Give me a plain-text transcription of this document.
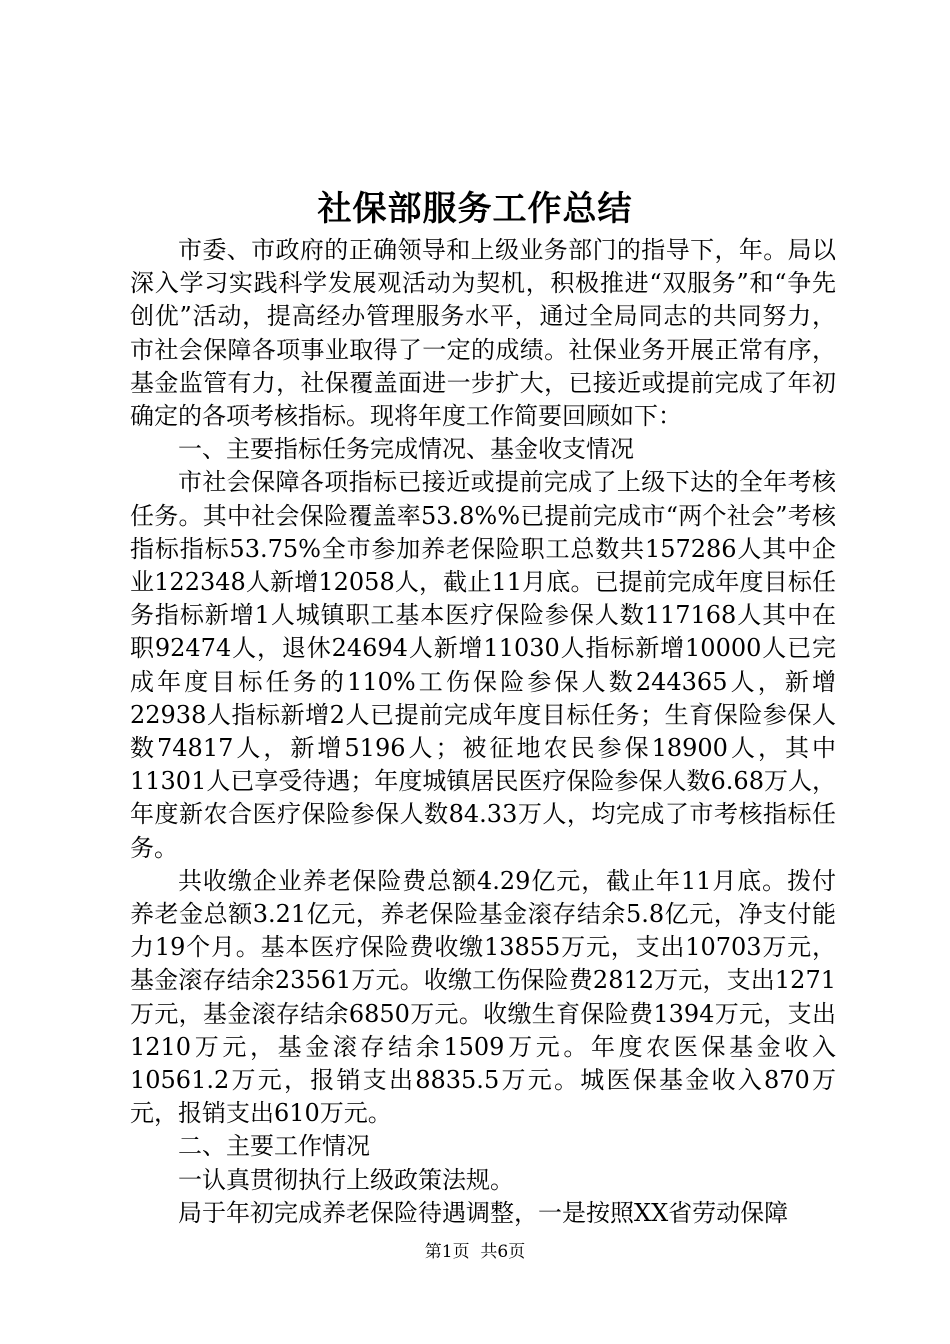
社保部服务工作总结

市委、市政府的正确领导和上级业务部门的指导下，年。局以深入学习实践科学发展观活动为契机，积极推进“双服务”和“争先创优”活动，提高经办管理服务水平，通过全局同志的共同努力，市社会保障各项事业取得了一定的成绩。社保业务开展正常有序，基金监管有力，社保覆盖面进一步扩大，已接近或提前完成了年初确定的各项考核指标。现将年度工作简要回顾如下：

一、主要指标任务完成情况、基金收支情况

市社会保障各项指标已接近或提前完成了上级下达的全年考核任务。其中社会保险覆盖率53.8%%已提前完成市“两个社会”考核指标指标53.75%全市参加养老保险职工总数共157286人其中企业122348人新增12058人，截止11月底。已提前完成年度目标任务指标新增1人城镇职工基本医疗保险参保人数117168人其中在职92474人，退休24694人新增11030人指标新增10000人已完成年度目标任务的110%工伤保险参保人数244365人，新增22938人指标新增2人已提前完成年度目标任务；生育保险参保人数74817人，新增5196人；被征地农民参保18900人，其中11301人已享受待遇；年度城镇居民医疗保险参保人数6.68万人，年度新农合医疗保险参保人数84.33万人，均完成了市考核指标任务。

共收缴企业养老保险费总额4.29亿元，截止年11月底。拨付养老金总额3.21亿元，养老保险基金滚存结余5.8亿元，净支付能力19个月。基本医疗保险费收缴13855万元，支出10703万元，基金滚存结余23561万元。收缴工伤保险费2812万元，支出1271万元，基金滚存结余6850万元。收缴生育保险费1394万元，支出1210万元，基金滚存结余1509万元。年度农医保基金收入10561.2万元，报销支出8835.5万元。城医保基金收入870万元，报销支出610万元。

二、主要工作情况

一认真贯彻执行上级政策法规。

局于年初完成养老保险待遇调整，一是按照XX省劳动保障

第1页  共6页
